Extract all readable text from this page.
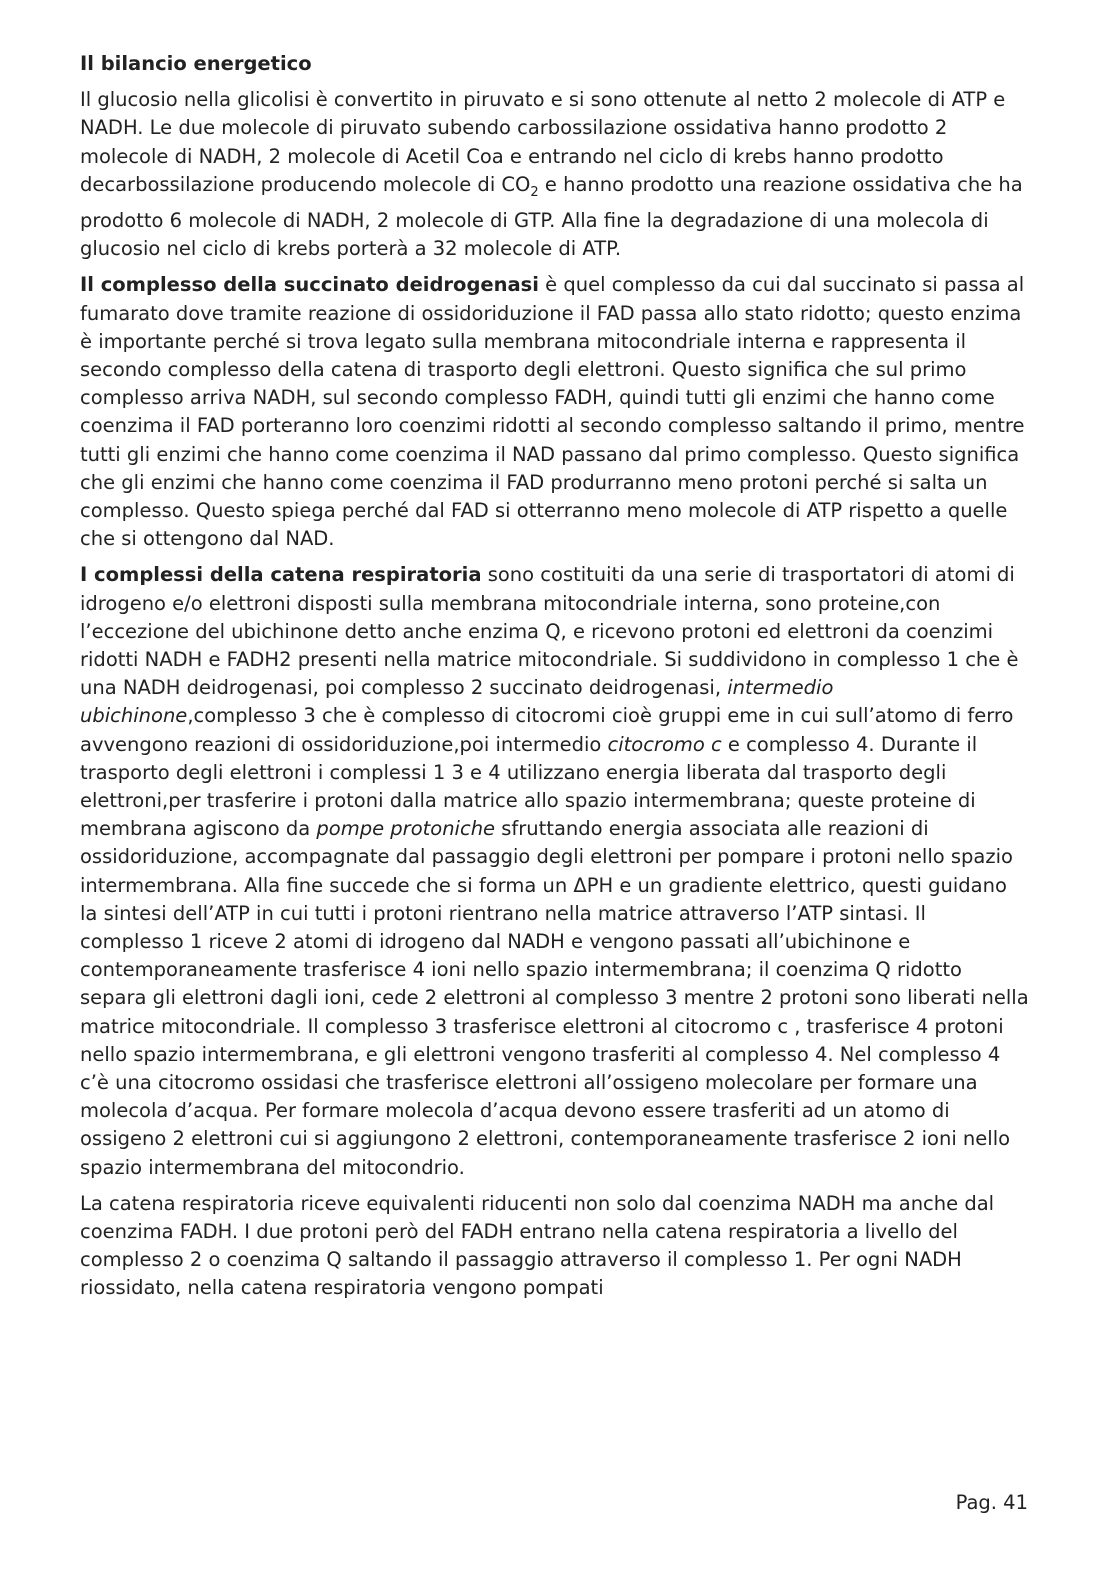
Il bilancio energetico

Il glucosio nella glicolisi è convertito in piruvato e si sono ottenute al netto 2 molecole di ATP e NADH. Le due molecole di piruvato subendo carbossilazione ossidativa hanno prodotto 2 molecole di NADH, 2 molecole di Acetil Coa e entrando nel ciclo di krebs hanno prodotto decarbossilazione producendo molecole di $CO_2$ e hanno prodotto una reazione ossidativa che ha prodotto 6 molecole di NADH, 2 molecole di GTP. Alla fine la degradazione di una molecola di glucosio nel ciclo di krebs porterà a 32 molecole di ATP.

Il complesso della succinato deidrogenasi è quel complesso da cui dal succinato si passa al fumarato dove tramite reazione di ossidoriduzione il FAD passa allo stato ridotto; questo enzima è importante perché si trova legato sulla membrana mitocondriale interna e rappresenta il secondo complesso della catena di trasporto degli elettroni. Questo significa che sul primo complesso arriva NADH, sul secondo complesso FADH, quindi tutti gli enzimi che hanno come coenzima il FAD porteranno loro coenzimi ridotti al secondo complesso saltando il primo, mentre tutti gli enzimi che hanno come coenzima il NAD passano dal primo complesso. Questo significa che gli enzimi che hanno come coenzima il FAD produrranno meno protoni perché si salta un complesso. Questo spiega perché dal FAD si otterranno meno molecole di ATP rispetto a quelle che si ottengono dal NAD.

I complessi della catena respiratoria sono costituiti da una serie di trasportatori di atomi di idrogeno e/o elettroni disposti sulla membrana mitocondriale interna, sono proteine,con l’eccezione del ubichinone detto anche enzima Q, e ricevono protoni ed elettroni da coenzimi ridotti NADH e FADH2 presenti nella matrice mitocondriale. Si suddividono in complesso 1 che è una NADH deidrogenasi, poi complesso 2 succinato deidrogenasi, intermedio ubichinone,complesso 3 che è complesso di citocromi cioè gruppi eme in cui sull’atomo di ferro avvengono reazioni di ossidoriduzione,poi intermedio citocromo c e complesso 4. Durante il trasporto degli elettroni i complessi 1 3 e 4 utilizzano energia liberata dal trasporto degli elettroni,per trasferire i protoni dalla matrice allo spazio intermembrana; queste proteine di membrana agiscono da pompe protoniche sfruttando energia associata alle reazioni di ossidoriduzione, accompagnate dal passaggio degli elettroni per pompare i protoni nello spazio intermembrana. Alla fine succede che si forma un ΔPH e un gradiente elettrico, questi guidano la sintesi dell’ATP in cui tutti i protoni rientrano nella matrice attraverso l’ATP sintasi. Il complesso 1 riceve 2 atomi di idrogeno dal NADH e vengono passati all’ubichinone e contemporaneamente trasferisce 4 ioni nello spazio intermembrana; il coenzima Q ridotto separa gli elettroni dagli ioni, cede 2 elettroni al complesso 3 mentre 2 protoni sono liberati nella matrice mitocondriale. Il complesso 3 trasferisce elettroni al citocromo c , trasferisce 4 protoni nello spazio intermembrana, e gli elettroni vengono trasferiti al complesso 4. Nel complesso 4 c’è una citocromo ossidasi che trasferisce elettroni all’ossigeno molecolare per formare una molecola d’acqua. Per formare molecola d’acqua devono essere trasferiti ad un atomo di ossigeno 2 elettroni cui si aggiungono 2 elettroni, contemporaneamente trasferisce 2 ioni nello spazio intermembrana del mitocondrio.

La catena respiratoria riceve equivalenti riducenti non solo dal coenzima NADH ma anche dal coenzima FADH. I due protoni però del FADH entrano nella catena respiratoria a livello del complesso 2 o coenzima Q saltando il passaggio attraverso il complesso 1. Per ogni NADH riossidato, nella catena respiratoria vengono pompati

Pag. 41
